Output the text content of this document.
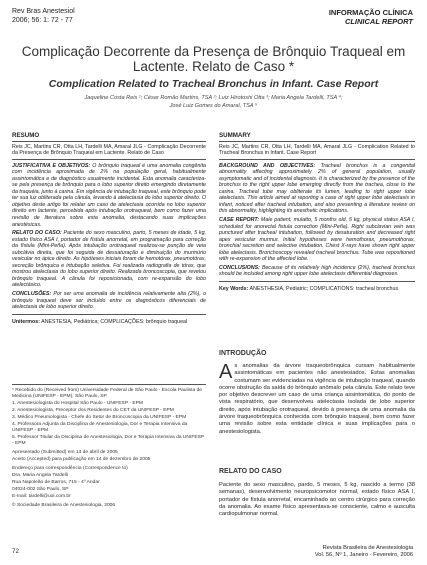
Rev Bras Anestesiol
2006; 56: 1: 72 - 77
INFORMAÇÃO CLÍNICA
CLINICAL REPORT
Complicação Decorrente da Presença de Brônquio Traqueal em Lactente. Relato de Caso *
Complication Related to Tracheal Bronchus in Infant. Case Report
Jaqueline Costa Reis ¹; César Romão Martins, TSA ²; Luiz Hirotoshi Otta ³; Maria Angela Tardelli, TSA ⁴;
José Luiz Gomes do Amaral, TSA ⁵
RESUMO

Reis JC, Martins CR, Otta LH, Tardelli MA, Amaral JLG - Complicação Decorrente da Presença de Brônquio Traqueal em Lactente. Relato de Caso

JUSTIFICATIVA E OBJETIVOS: O brônquio traqueal é uma anomalia congênita com incidência aproximada de 2% na população geral, habitualmente assintomática e de diagnóstico usualmente incidental. Esta anomalia caracteriza-se pela presença de brônquio para o lobo superior direito emergindo diretamente da traquéia, junto à carina. Em vigência de intubação traqueal, este brônquio pode ter sua luz obliterada pela cânula, levando à atelectasia do lobo superior direito. O objetivo deste artigo foi relatar um caso de atelectasia ocorrida no lobo superior direito em lactente, percebida após intubação orotraqueal, bem como fazer uma revisão de literatura sobre esta anomalia, destacando suas implicações anestésicas.

RELATO DO CASO: Paciente do sexo masculino, parto, 5 meses de idade, 5 kg, estado físico ASA I, portador de fístula anorretal, em programação para correção da fístula (Mini-Peña). Após intubação orotraqueal realizou-se punção de veia subclávia direita, que foi seguida de dessaturação e diminuição do murmúrio vesicular no ápice direito. As hipóteses iniciais foram de hemotórax, pneumotórax, secreção brônquica e intubação seletiva. Foi realizada radiografia de tórax, que mostrou atelectasia do lobo superior direito. Realizada broncoscopia, que revelou brônquio traqueal. A cânula foi reposicionada, com re-expansão do lobo atelectásico.

CONCLUSÕES: Por ser uma anomalia de incidência relativamente alta (2%), o brônquio traqueal deve ser incluído entre os diagnósticos diferenciais de atelectasia de lobo superior direito.

Unitermos: ANESTESIA, Pediátrica; COMPLICAÇÕES: brônquio traqueal

* Recebido do (Received from) Universidade Federal de São Paulo - Escola Paulista de Medicina (UNIFESP - EPM), São Paulo, SP

1. Anestesiologista do Hospital São Paulo - UNIFESP - EPM

2. Anestesiologista, Preceptor dos Residentes do CET da UNIFESP - EPM

3. Médico Pneumologista - Chefe do Setor de Broncoscopia da UNIFESP - EPM

4. Professora Adjunta da Disciplina de Anestesiologia, Dor e Terapia Intensiva da UNIFESP - EPM

5. Professor Titular da Disciplina de Anestesiologia, Dor e Terapia Intensiva da UNIFESP - EPM

Apresentado (Submitted) em 13 de abril de 2005

Aceito (Accepted) para publicação em 14 de dezembro de 2005

Endereço para correspondência (Correspondence to)

Dra. Maria Angela Tardelli

Rua Napoleão de Barros, 715 - 4º Andar

04024-002 São Paulo, SP

E-mail: tardelli@uol.com.br

© Sociedade Brasileira de Anestesiologia, 2006

SUMMARY

Reis JC, Martins CR, Otta LH, Tardelli MA, Amaral JLG - Complication Related to Tracheal Bronchus in Infant. Case Report

BACKGROUND AND OBJECTIVES: Tracheal bronchus is a congenital abnormality affecting approximately 2% of general population, usually asymptomatic and of incidental diagnosis. It is characterized by the presence of the bronchus to the right upper lobe emerging directly from the trachea, close to the carina. Tracheal tube may obliterate its lumen, leading to right upper lobe atelectasis. This article aimed at reporting a case of right upper lobe atelectasis in infant, noticed after tracheal intubation, and also presenting a literature review on this abnormality, highlighting its anesthetic implications.

CASE REPORT: Male patient, mulatto, 5 months old, 5 kg, physical status ASA I, scheduled for anorectal fistula correction (Mini-Peña). Right subclavian vein was punctured after tracheal intubation, followed by desaturation and decreased right apex vesicular murmur. Initial hypotheses were hemothorax, pneumothorax, bronchial secretion and selective intubation. Chest X-rays have shown right upper lobe atelectasis. Bronchoscopy revealed tracheal bronchus. Tube was repositioned with re-expansion of the affected lobe.

CONCLUSIONS: Because of its relatively high incidence (2%), tracheal bronchus should be included among right upper lobe atelectasis differential diagnoses.

Key Words: ANESTHESIA, Pediatric; COMPLICATIONS: tracheal bronchus
INTRODUÇÃO
As anomalias da árvore traqueobrônquica cursam habitualmente assintomáticas em pacientes não anestesiados. Estas anomalias costumam ser evidenciadas na vigência de intubação traqueal, quando ocorre obstrução da saída do brônquio anômalo pela cânula. Este relato teve por objetivo descrever um caso de uma criança assintomática, do ponto de vista respiratório, que desenvolveu atelectasia isolada de lobo superior direito, após intubação orotraqueal, devido à presença de uma anomalia da árvore traqueobrônquica conhecida com brônquio traqueal, bem como fazer uma revisão sobre esta entidade clínica e suas implicações para o anestesiologista.
RELATO DO CASO
Paciente do sexo masculino, pardo, 5 meses, 5 kg, nascido a termo (38 semanas), desenvolvimento neuropsicomotor normal, estado físico ASA I, portador de fístula anorretal, encaminhado ao centro cirúrgico para correção da anomalia. Ao exame físico apresentava-se consciente, calmo e ausculta cardiopulmonar normal.
72	Revista Brasileira de Anestesiologia
Vol. 56, Nº 1, Janeiro - Fevereiro, 2006
